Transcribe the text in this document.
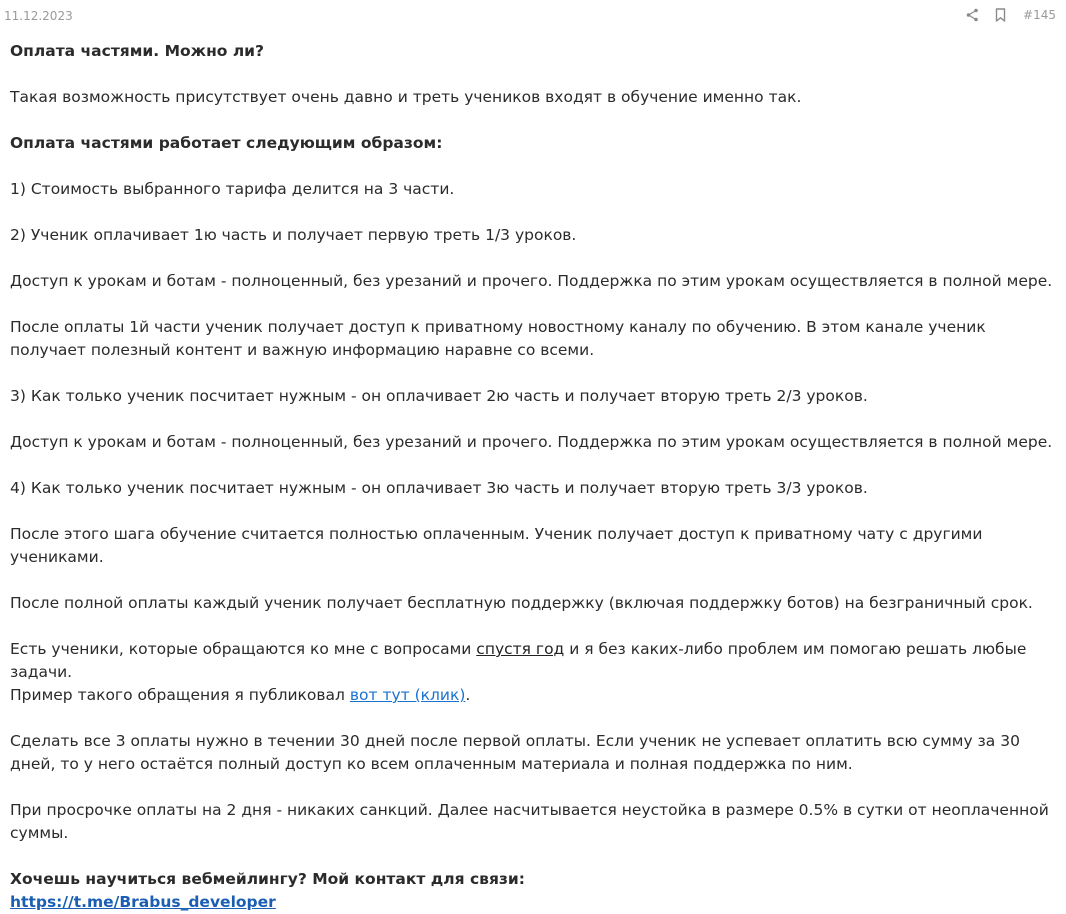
11.12.2023	#145

Оплата частями. Можно ли?

Такая возможность присутствует очень давно и треть учеников входят в обучение именно так.

Оплата частями работает следующим образом:

1) Стоимость выбранного тарифа делится на 3 части.

2) Ученик оплачивает 1ю часть и получает первую треть 1/3 уроков.

Доступ к урокам и ботам - полноценный, без урезаний и прочего. Поддержка по этим урокам осуществляется в полной мере.

После оплаты 1й части ученик получает доступ к приватному новостному каналу по обучению. В этом канале ученик получает полезный контент и важную информацию наравне со всеми.

3) Как только ученик посчитает нужным - он оплачивает 2ю часть и получает вторую треть 2/3 уроков.

Доступ к урокам и ботам - полноценный, без урезаний и прочего. Поддержка по этим урокам осуществляется в полной мере.

4) Как только ученик посчитает нужным - он оплачивает 3ю часть и получает вторую треть 3/3 уроков.

После этого шага обучение считается полностью оплаченным. Ученик получает доступ к приватному чату с другими учениками.

После полной оплаты каждый ученик получает бесплатную поддержку (включая поддержку ботов) на безграничный срок.

Есть ученики, которые обращаются ко мне с вопросами спустя год и я без каких-либо проблем им помогаю решать любые задачи.
Пример такого обращения я публиковал вот тут (клик).

Сделать все 3 оплаты нужно в течении 30 дней после первой оплаты. Если ученик не успевает оплатить всю сумму за 30 дней, то у него остаётся полный доступ ко всем оплаченным материала и полная поддержка по ним.

При просрочке оплаты на 2 дня - никаких санкций. Далее насчитывается неустойка в размере 0.5% в сутки от неоплаченной суммы.

Хочешь научиться вебмейлингу? Мой контакт для связи:

https://t.me/Brabus_developer
